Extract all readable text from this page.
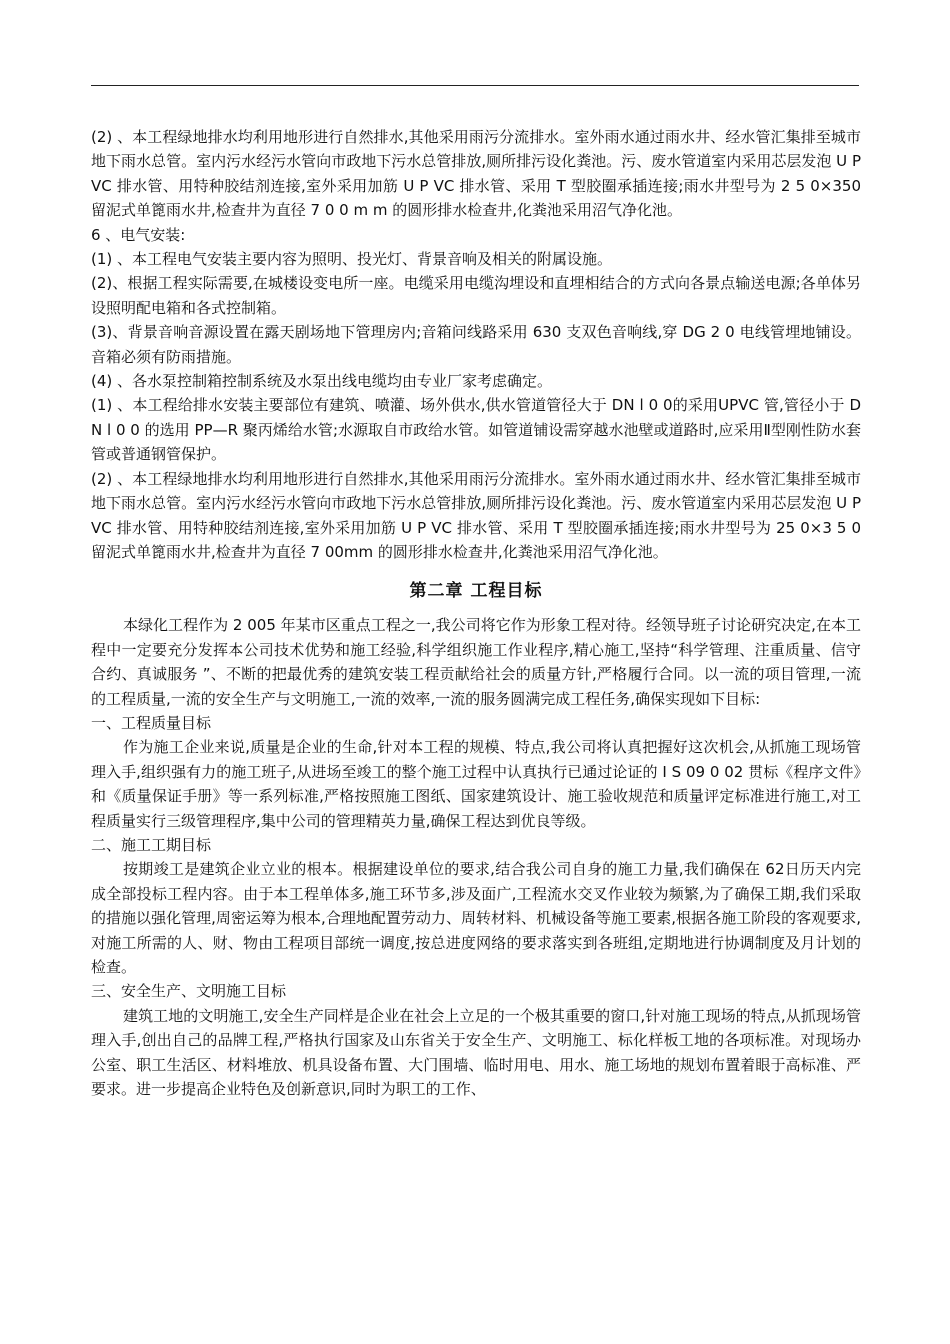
(2) 、本工程绿地排水均利用地形进行自然排水,其他采用雨污分流排水。室外雨水通过雨水井、经水管汇集排至城市地下雨水总管。室内污水经污水管向市政地下污水总管排放,厕所排污设化粪池。污、废水管道室内采用芯层发泡 U PVC 排水管、用特种胶结剂连接,室外采用加筋 U P VC 排水管、采用 T 型胶圈承插连接;雨水井型号为 2 5 0×350 留泥式单篦雨水井,检查井为直径 7 0 0 m m 的圆形排水检查井,化粪池采用沼气净化池。

6 、电气安装:

(1) 、本工程电气安装主要内容为照明、投光灯、背景音响及相关的附属设施。

(2)、根据工程实际需要,在城楼设变电所一座。电缆采用电缆沟埋设和直埋相结合的方式向各景点输送电源;各单体另设照明配电箱和各式控制箱。

(3)、背景音响音源设置在露天剧场地下管理房内;音箱问线路采用 630 支双色音响线,穿 DG 2 0 电线管埋地铺设。音箱必须有防雨措施。

(4) 、各水泵控制箱控制系统及水泵出线电缆均由专业厂家考虑确定。

(1) 、本工程给排水安装主要部位有建筑、喷灌、场外供水,供水管道管径大于 DN l 0 0的采用UPVC 管,管径小于 DN l 0 0 的选用 PP—R 聚丙烯给水管;水源取自市政给水管。如管道铺设需穿越水池壁或道路时,应采用Ⅱ型刚性防水套管或普通钢管保护。

(2) 、本工程绿地排水均利用地形进行自然排水,其他采用雨污分流排水。室外雨水通过雨水井、经水管汇集排至城市地下雨水总管。室内污水经污水管向市政地下污水总管排放,厕所排污设化粪池。污、废水管道室内采用芯层发泡 U PVC 排水管、用特种胶结剂连接,室外采用加筋 U P VC 排水管、采用 T 型胶圈承插连接;雨水井型号为 25 0×3 5 0 留泥式单篦雨水井,检查井为直径 7 00mm 的圆形排水检查井,化粪池采用沼气净化池。

第二章 工程目标

本绿化工程作为 2 005 年某市区重点工程之一,我公司将它作为形象工程对待。经领导班子讨论研究决定,在本工程中一定要充分发挥本公司技术优势和施工经验,科学组织施工作业程序,精心施工,坚持“科学管理、注重质量、信守合约、真诚服务 ”、不断的把最优秀的建筑安装工程贡献给社会的质量方针,严格履行合同。以一流的项目管理,一流的工程质量,一流的安全生产与文明施工,一流的效率,一流的服务圆满完成工程任务,确保实现如下目标:

一、工程质量目标

作为施工企业来说,质量是企业的生命,针对本工程的规模、特点,我公司将认真把握好这次机会,从抓施工现场管理入手,组织强有力的施工班子,从进场至竣工的整个施工过程中认真执行已通过论证的 I S 09 0 02 贯标《程序文件》和《质量保证手册》等一系列标准,严格按照施工图纸、国家建筑设计、施工验收规范和质量评定标准进行施工,对工程质量实行三级管理程序,集中公司的管理精英力量,确保工程达到优良等级。

二、施工工期目标

按期竣工是建筑企业立业的根本。根据建设单位的要求,结合我公司自身的施工力量,我们确保在 62日历天内完成全部投标工程内容。由于本工程单体多,施工环节多,涉及面广,工程流水交叉作业较为频繁,为了确保工期,我们采取的措施以强化管理,周密运筹为根本,合理地配置劳动力、周转材料、机械设备等施工要素,根据各施工阶段的客观要求,对施工所需的人、财、物由工程项目部统一调度,按总进度网络的要求落实到各班组,定期地进行协调制度及月计划的检查。

三、安全生产、文明施工目标

建筑工地的文明施工,安全生产同样是企业在社会上立足的一个极其重要的窗口,针对施工现场的特点,从抓现场管理入手,创出自己的品牌工程,严格执行国家及山东省关于安全生产、文明施工、标化样板工地的各项标准。对现场办公室、职工生活区、材料堆放、机具设备布置、大门围墙、临时用电、用水、施工场地的规划布置着眼于高标准、严要求。进一步提高企业特色及创新意识,同时为职工的工作、
